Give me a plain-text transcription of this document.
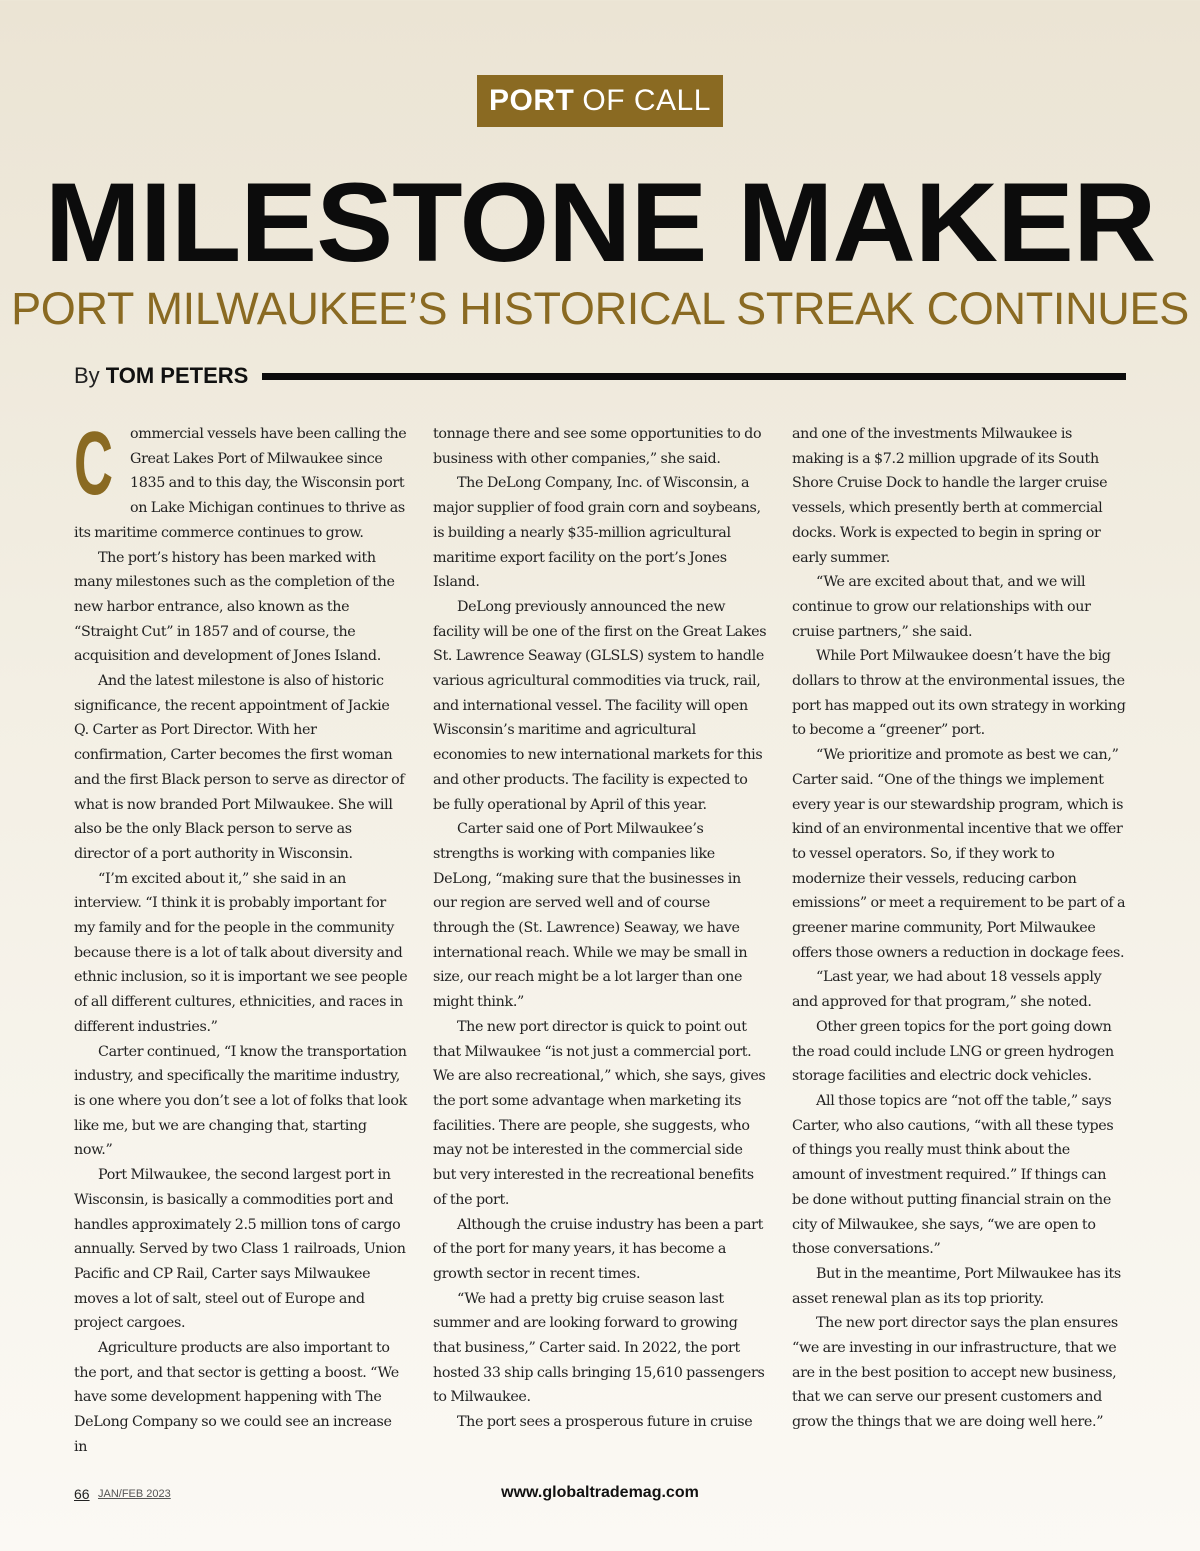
PORT OF CALL
MILESTONE MAKER
PORT MILWAUKEE’S HISTORICAL STREAK CONTINUES
By TOM PETERS

C ommercial vessels have been calling the Great Lakes Port of Milwaukee since 1835 and to this day, the Wisconsin port on Lake Michigan continues to thrive as its maritime commerce continues to grow.

The port’s history has been marked with many milestones such as the completion of the new harbor entrance, also known as the “Straight Cut” in 1857 and of course, the acquisition and development of Jones Island.

And the latest milestone is also of historic significance, the recent appointment of Jackie Q. Carter as Port Director. With her confirmation, Carter becomes the first woman and the first Black person to serve as director of what is now branded Port Milwaukee. She will also be the only Black person to serve as director of a port authority in Wisconsin.

“I’m excited about it,” she said in an interview. “I think it is probably important for my family and for the people in the community because there is a lot of talk about diversity and ethnic inclusion, so it is important we see people of all different cultures, ethnicities, and races in different industries.”

Carter continued, “I know the transportation industry, and specifically the maritime industry, is one where you don’t see a lot of folks that look like me, but we are changing that, starting now.”

Port Milwaukee, the second largest port in Wisconsin, is basically a commodities port and handles approximately 2.5 million tons of cargo annually. Served by two Class 1 railroads, Union Pacific and CP Rail, Carter says Milwaukee moves a lot of salt, steel out of Europe and project cargoes.

Agriculture products are also important to the port, and that sector is getting a boost. “We have some development happening with The DeLong Company so we could see an increase in

tonnage there and see some opportunities to do business with other companies,” she said.

The DeLong Company, Inc. of Wisconsin, a major supplier of food grain corn and soybeans, is building a nearly $35-million agricultural maritime export facility on the port’s Jones Island.

DeLong previously announced the new facility will be one of the first on the Great Lakes St. Lawrence Seaway (GLSLS) system to handle various agricultural commodities via truck, rail, and international vessel. The facility will open Wisconsin’s maritime and agricultural economies to new international markets for this and other products. The facility is expected to be fully operational by April of this year.

Carter said one of Port Milwaukee’s strengths is working with companies like DeLong, “making sure that the businesses in our region are served well and of course through the (St. Lawrence) Seaway, we have international reach. While we may be small in size, our reach might be a lot larger than one might think.”

The new port director is quick to point out that Milwaukee “is not just a commercial port. We are also recreational,” which, she says, gives the port some advantage when marketing its facilities. There are people, she suggests, who may not be interested in the commercial side but very interested in the recreational benefits of the port.

Although the cruise industry has been a part of the port for many years, it has become a growth sector in recent times.

“We had a pretty big cruise season last summer and are looking forward to growing that business,” Carter said. In 2022, the port hosted 33 ship calls bringing 15,610 passengers to Milwaukee.

The port sees a prosperous future in cruise

and one of the investments Milwaukee is making is a $7.2 million upgrade of its South Shore Cruise Dock to handle the larger cruise vessels, which presently berth at commercial docks. Work is expected to begin in spring or early summer.

“We are excited about that, and we will continue to grow our relationships with our cruise partners,” she said.

While Port Milwaukee doesn’t have the big dollars to throw at the environmental issues, the port has mapped out its own strategy in working to become a “greener” port.

“We prioritize and promote as best we can,” Carter said. “One of the things we implement every year is our stewardship program, which is kind of an environmental incentive that we offer to vessel operators. So, if they work to modernize their vessels, reducing carbon emissions” or meet a requirement to be part of a greener marine community, Port Milwaukee offers those owners a reduction in dockage fees.

“Last year, we had about 18 vessels apply and approved for that program,” she noted.

Other green topics for the port going down the road could include LNG or green hydrogen storage facilities and electric dock vehicles.

All those topics are “not off the table,” says Carter, who also cautions, “with all these types of things you really must think about the amount of investment required.” If things can be done without putting financial strain on the city of Milwaukee, she says, “we are open to those conversations.”

But in the meantime, Port Milwaukee has its asset renewal plan as its top priority.

The new port director says the plan ensures “we are investing in our infrastructure, that we are in the best position to accept new business, that we can serve our present customers and grow the things that we are doing well here.”

66 JAN/FEB 2023	www.globaltrademag.com
